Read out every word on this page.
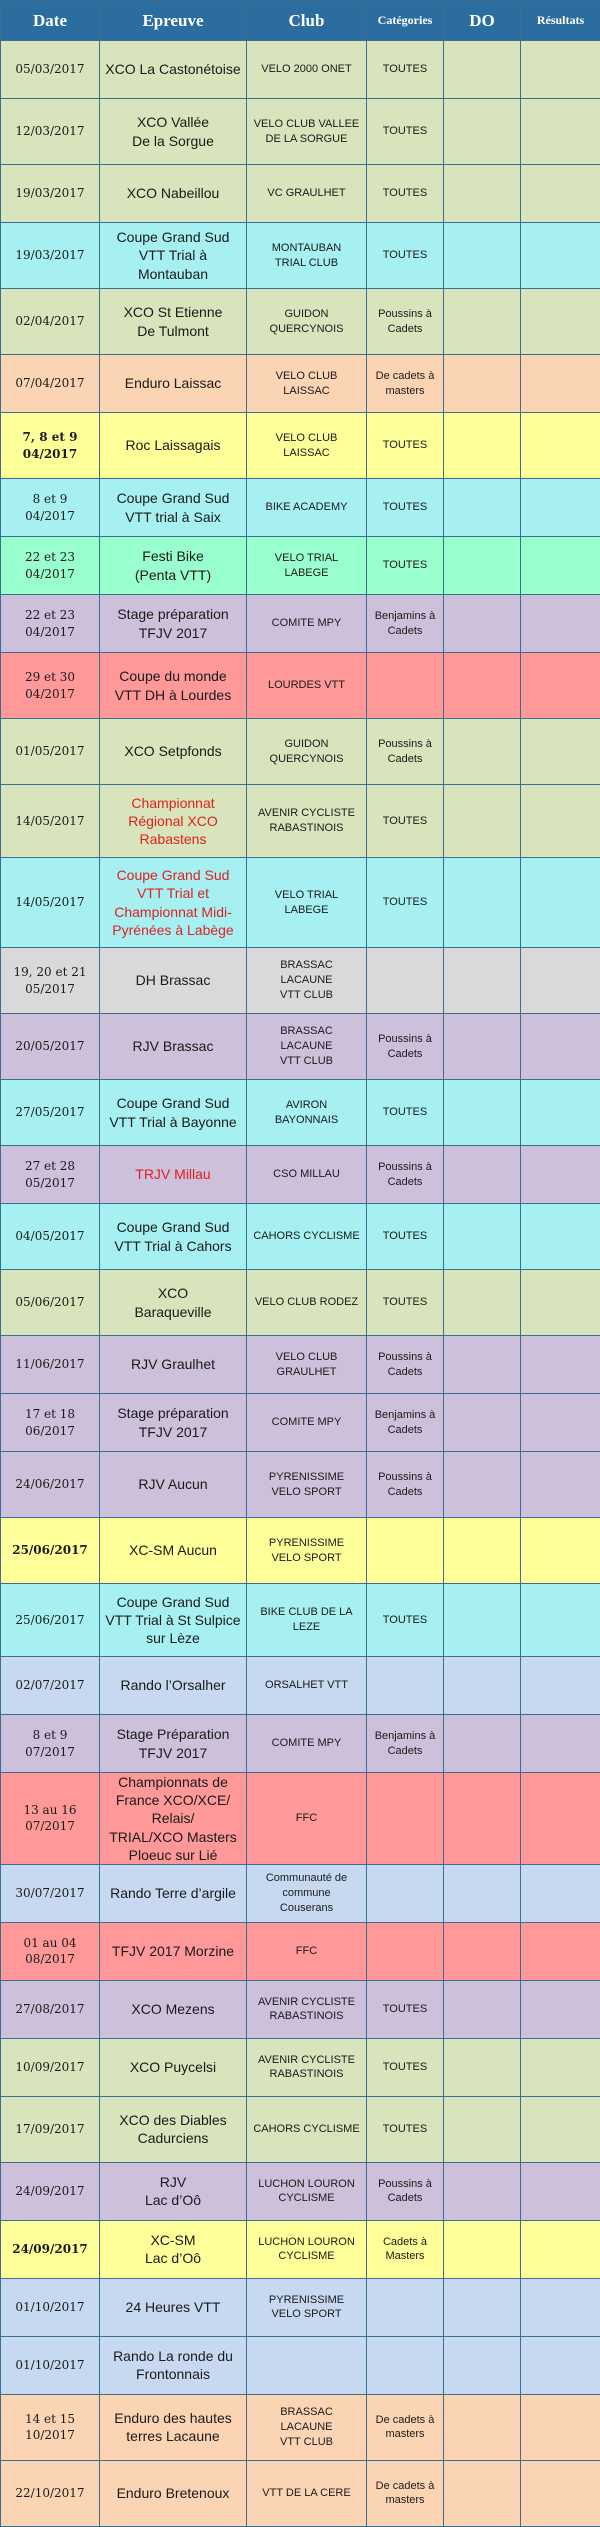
Date	Epreuve	Club	Catégories	DO	Résultats
05/03/2017	XCO La Castonétoise	VELO 2000 ONET	TOUTES		
12/03/2017	XCO Vallée
De la Sorgue	VELO CLUB VALLEE
DE LA SORGUE	TOUTES		
19/03/2017	XCO Nabeillou	VC GRAULHET	TOUTES		
19/03/2017	Coupe Grand Sud
VTT Trial à
Montauban	MONTAUBAN
TRIAL CLUB	TOUTES		
02/04/2017	XCO St Etienne
De Tulmont	GUIDON
QUERCYNOIS	Poussins à
Cadets		
07/04/2017	Enduro Laissac	VELO CLUB
LAISSAC	De cadets à
masters		
7, 8 et 9
04/2017	Roc Laissagais	VELO CLUB
LAISSAC	TOUTES		
8 et 9
04/2017	Coupe Grand Sud
VTT trial à Saix	BIKE ACADEMY	TOUTES		
22 et 23
04/2017	Festi Bike
(Penta VTT)	VELO TRIAL
LABEGE	TOUTES		
22 et 23
04/2017	Stage préparation
TFJV 2017	COMITE MPY	Benjamins à
Cadets		
29 et 30
04/2017	Coupe du monde
VTT DH à Lourdes	LOURDES VTT			
01/05/2017	XCO Setpfonds	GUIDON
QUERCYNOIS	Poussins à
Cadets		
14/05/2017	Championnat
Régional XCO
Rabastens	AVENIR CYCLISTE
RABASTINOIS	TOUTES		
14/05/2017	Coupe Grand Sud
VTT Trial et
Championnat Midi-
Pyrénées à Labège	VELO TRIAL
LABEGE	TOUTES		
19, 20 et 21
05/2017	DH Brassac	BRASSAC
LACAUNE
VTT CLUB			
20/05/2017	RJV Brassac	BRASSAC
LACAUNE
VTT CLUB	Poussins à
Cadets		
27/05/2017	Coupe Grand Sud
VTT Trial à Bayonne	AVIRON
BAYONNAIS	TOUTES		
27 et 28
05/2017	TRJV Millau	CSO MILLAU	Poussins à
Cadets		
04/05/2017	Coupe Grand Sud
VTT Trial à Cahors	CAHORS CYCLISME	TOUTES		
05/06/2017	XCO
Baraqueville	VELO CLUB RODEZ	TOUTES		
11/06/2017	RJV Graulhet	VELO CLUB
GRAULHET	Poussins à
Cadets		
17 et 18
06/2017	Stage préparation
TFJV 2017	COMITE MPY	Benjamins à
Cadets		
24/06/2017	RJV Aucun	PYRENISSIME
VELO SPORT	Poussins à
Cadets		
25/06/2017	XC-SM Aucun	PYRENISSIME
VELO SPORT			
25/06/2017	Coupe Grand Sud
VTT Trial à St Sulpice
sur Lèze	BIKE CLUB DE LA
LEZE	TOUTES		
02/07/2017	Rando l’Orsalher	ORSALHET VTT			
8 et 9
07/2017	Stage Préparation
TFJV 2017	COMITE MPY	Benjamins à
Cadets		
13 au 16
07/2017	Championnats de
France XCO/XCE/
Relais/
TRIAL/XCO Masters
Ploeuc sur Lié	FFC			
30/07/2017	Rando Terre d’argile	Communauté de
commune
Couserans			
01 au 04
08/2017	TFJV 2017 Morzine	FFC			
27/08/2017	XCO Mezens	AVENIR CYCLISTE
RABASTINOIS	TOUTES		
10/09/2017	XCO Puycelsi	AVENIR CYCLISTE
RABASTINOIS	TOUTES		
17/09/2017	XCO des Diables
Cadurciens	CAHORS CYCLISME	TOUTES		
24/09/2017	RJV
Lac d’Oô	LUCHON LOURON
CYCLISME	Poussins à
Cadets		
24/09/2017	XC-SM
Lac d’Oô	LUCHON LOURON
CYCLISME	Cadets à
Masters		
01/10/2017	24 Heures VTT	PYRENISSIME
VELO SPORT			
01/10/2017	Rando La ronde du
Frontonnais				
14 et 15
10/2017	Enduro des hautes
terres Lacaune	BRASSAC
LACAUNE
VTT CLUB	De cadets à
masters		
22/10/2017	Enduro Bretenoux	VTT DE LA CERE	De cadets à
masters		
